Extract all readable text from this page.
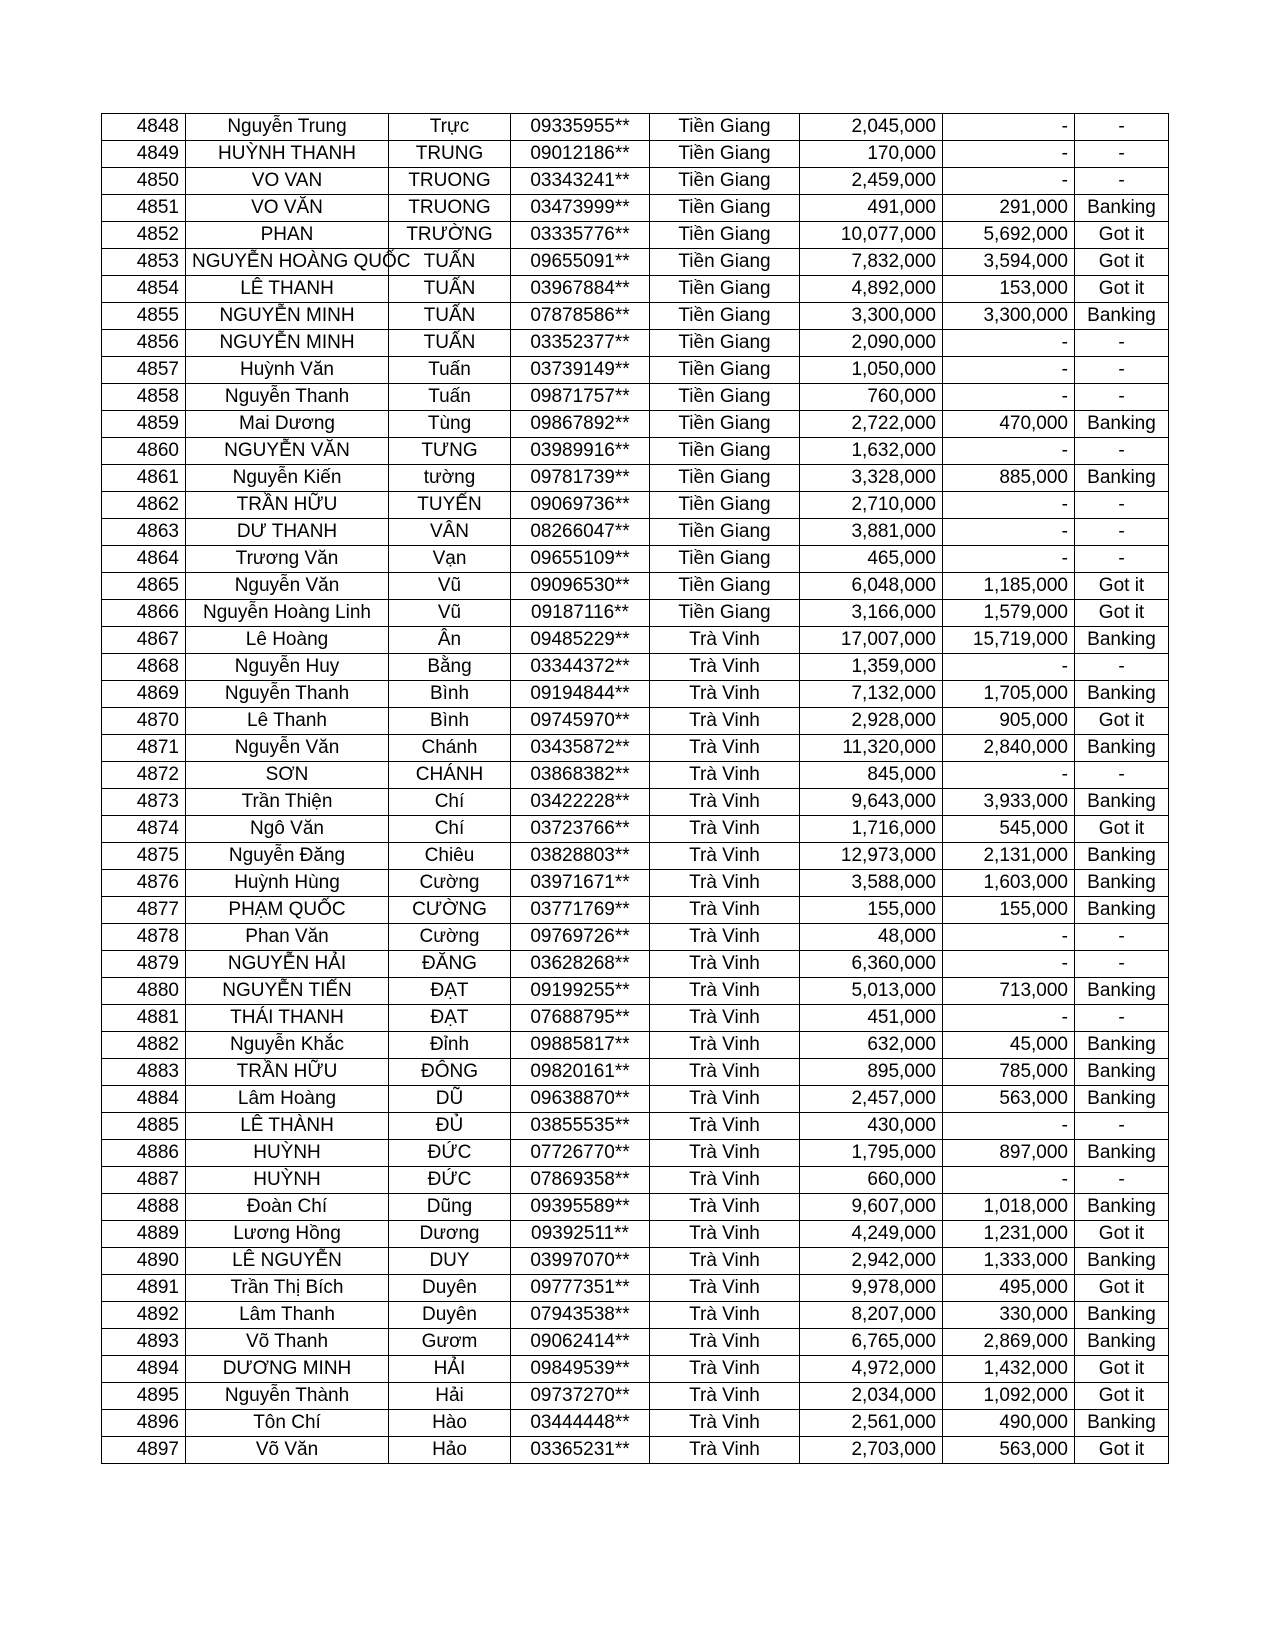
4848	Nguyễn Trung	Trực	09335955**	Tiền Giang	2,045,000	-	-
4849	HUỲNH THANH	TRUNG	09012186**	Tiền Giang	170,000	-	-
4850	VO VAN	TRUONG	03343241**	Tiền Giang	2,459,000	-	-
4851	VO VĂN	TRUONG	03473999**	Tiền Giang	491,000	291,000	Banking
4852	PHAN	TRƯỜNG	03335776**	Tiền Giang	10,077,000	5,692,000	Got it
4853	NGUYỄN HOÀNG QUỐC	TUẤN	09655091**	Tiền Giang	7,832,000	3,594,000	Got it
4854	LÊ THANH	TUẤN	03967884**	Tiền Giang	4,892,000	153,000	Got it
4855	NGUYỄN MINH	TUẤN	07878586**	Tiền Giang	3,300,000	3,300,000	Banking
4856	NGUYỄN MINH	TUẤN	03352377**	Tiền Giang	2,090,000	-	-
4857	Huỳnh Văn	Tuấn	03739149**	Tiền Giang	1,050,000	-	-
4858	Nguyễn Thanh	Tuấn	09871757**	Tiền Giang	760,000	-	-
4859	Mai Dương	Tùng	09867892**	Tiền Giang	2,722,000	470,000	Banking
4860	NGUYỄN VĂN	TƯNG	03989916**	Tiền Giang	1,632,000	-	-
4861	Nguyễn Kiến	tường	09781739**	Tiền Giang	3,328,000	885,000	Banking
4862	TRẦN HỮU	TUYẾN	09069736**	Tiền Giang	2,710,000	-	-
4863	DƯ THANH	VÂN	08266047**	Tiền Giang	3,881,000	-	-
4864	Trương Văn	Vạn	09655109**	Tiền Giang	465,000	-	-
4865	Nguyễn Văn	Vũ	09096530**	Tiền Giang	6,048,000	1,185,000	Got it
4866	Nguyễn Hoàng Linh	Vũ	09187116**	Tiền Giang	3,166,000	1,579,000	Got it
4867	Lê Hoàng	Ân	09485229**	Trà Vinh	17,007,000	15,719,000	Banking
4868	Nguyễn Huy	Bằng	03344372**	Trà Vinh	1,359,000	-	-
4869	Nguyễn Thanh	Bình	09194844**	Trà Vinh	7,132,000	1,705,000	Banking
4870	Lê Thanh	Bình	09745970**	Trà Vinh	2,928,000	905,000	Got it
4871	Nguyễn Văn	Chánh	03435872**	Trà Vinh	11,320,000	2,840,000	Banking
4872	SƠN	CHÁNH	03868382**	Trà Vinh	845,000	-	-
4873	Trần Thiện	Chí	03422228**	Trà Vinh	9,643,000	3,933,000	Banking
4874	Ngô Văn	Chí	03723766**	Trà Vinh	1,716,000	545,000	Got it
4875	Nguyễn Đăng	Chiêu	03828803**	Trà Vinh	12,973,000	2,131,000	Banking
4876	Huỳnh Hùng	Cường	03971671**	Trà Vinh	3,588,000	1,603,000	Banking
4877	PHẠM QUỐC	CƯỜNG	03771769**	Trà Vinh	155,000	155,000	Banking
4878	Phan Văn	Cường	09769726**	Trà Vinh	48,000	-	-
4879	NGUYỄN HẢI	ĐĂNG	03628268**	Trà Vinh	6,360,000	-	-
4880	NGUYỄN TIẾN	ĐẠT	09199255**	Trà Vinh	5,013,000	713,000	Banking
4881	THÁI THANH	ĐẠT	07688795**	Trà Vinh	451,000	-	-
4882	Nguyễn Khắc	Đỉnh	09885817**	Trà Vinh	632,000	45,000	Banking
4883	TRẦN HỮU	ĐÔNG	09820161**	Trà Vinh	895,000	785,000	Banking
4884	Lâm Hoàng	DŨ	09638870**	Trà Vinh	2,457,000	563,000	Banking
4885	LÊ THÀNH	ĐỦ	03855535**	Trà Vinh	430,000	-	-
4886	HUỲNH	ĐỨC	07726770**	Trà Vinh	1,795,000	897,000	Banking
4887	HUỲNH	ĐỨC	07869358**	Trà Vinh	660,000	-	-
4888	Đoàn Chí	Dũng	09395589**	Trà Vinh	9,607,000	1,018,000	Banking
4889	Lương Hồng	Dương	09392511**	Trà Vinh	4,249,000	1,231,000	Got it
4890	LÊ NGUYỄN	DUY	03997070**	Trà Vinh	2,942,000	1,333,000	Banking
4891	Trần Thị Bích	Duyên	09777351**	Trà Vinh	9,978,000	495,000	Got it
4892	Lâm Thanh	Duyên	07943538**	Trà Vinh	8,207,000	330,000	Banking
4893	Võ Thanh	Gươm	09062414**	Trà Vinh	6,765,000	2,869,000	Banking
4894	DƯƠNG MINH	HẢI	09849539**	Trà Vinh	4,972,000	1,432,000	Got it
4895	Nguyễn Thành	Hải	09737270**	Trà Vinh	2,034,000	1,092,000	Got it
4896	Tôn Chí	Hào	03444448**	Trà Vinh	2,561,000	490,000	Banking
4897	Võ Văn	Hảo	03365231**	Trà Vinh	2,703,000	563,000	Got it
